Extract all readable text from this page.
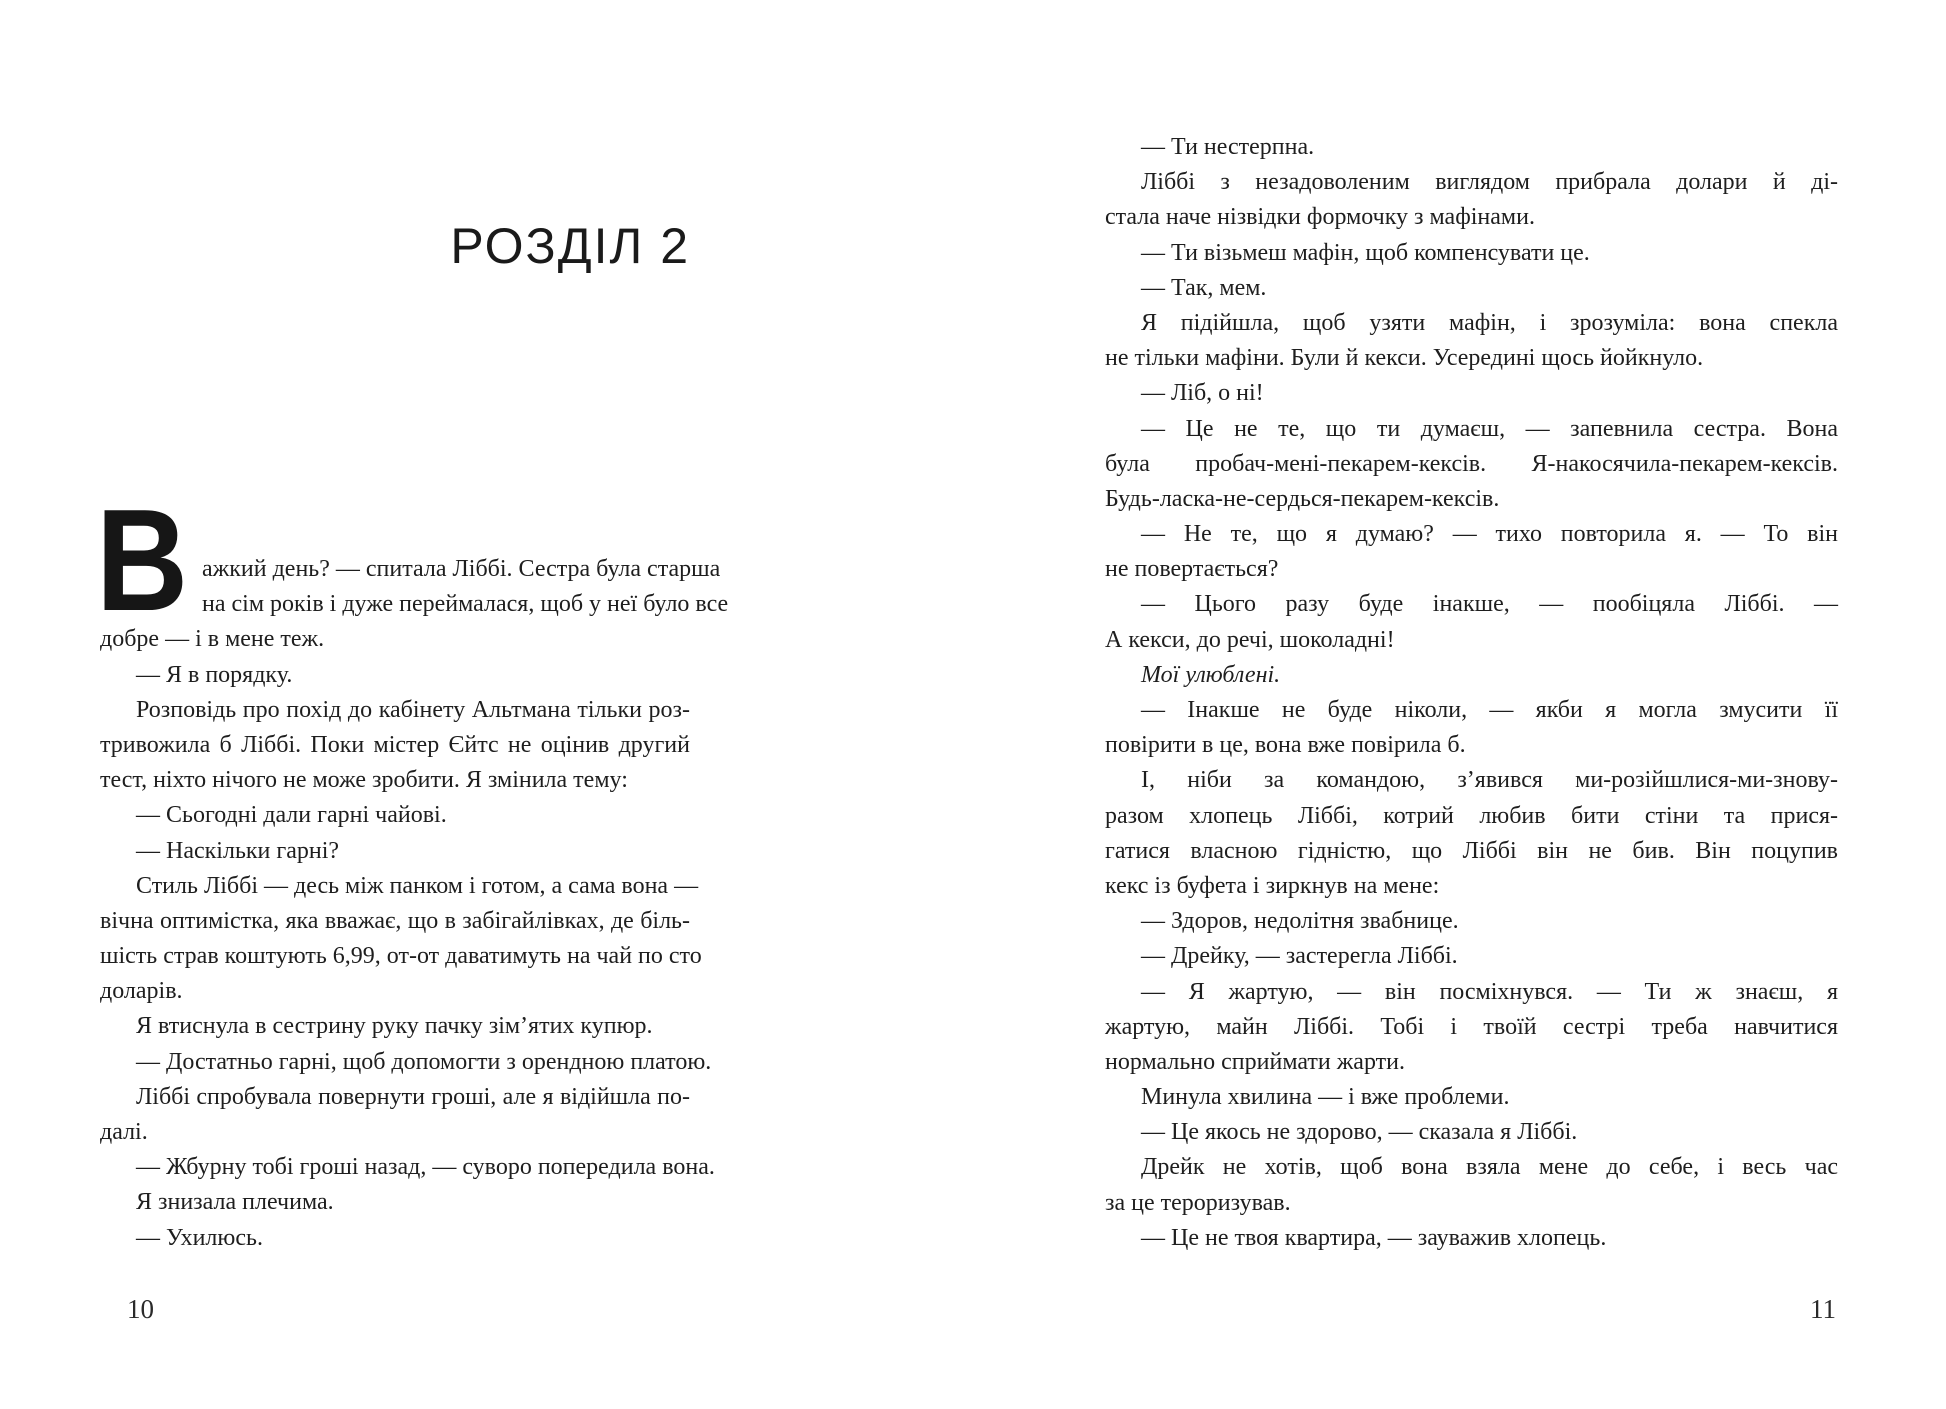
РОЗДІЛ 2
В ажкий день? — спитала Ліббі. Сестра була старша
на сім років і дуже переймалася, щоб у неї було все
добре — і в мене теж.
— Я в порядку.
Розповідь про похід до кабінету Альтмана тільки роз-
тривожила б Ліббі. Поки містер Єйтс не оцінив другий
тест, ніхто нічого не може зробити. Я змінила тему:
— Сьогодні дали гарні чайові.
— Наскільки гарні?
Стиль Ліббі — десь між панком і готом, а сама вона —
вічна оптимістка, яка вважає, що в забігайлівках, де біль-
шість страв коштують 6,99, от-от даватимуть на чай по сто
доларів.
Я втиснула в сестрину руку пачку зім’ятих купюр.
— Достатньо гарні, щоб допомогти з орендною платою.
Ліббі спробувала повернути гроші, але я відійшла по-
далі.
— Жбурну тобі гроші назад, — суворо попередила вона.
Я знизала плечима.
— Ухилюсь.
10
— Ти нестерпна.
Ліббі з незадоволеним виглядом прибрала долари й ді-
стала наче нізвідки формочку з мафінами.
— Ти візьмеш мафін, щоб компенсувати це.
— Так, мем.
Я підійшла, щоб узяти мафін, і зрозуміла: вона спекла
не тільки мафіни. Були й кекси. Усередині щось йойкнуло.
— Ліб, о ні!
— Це не те, що ти думаєш, — запевнила сестра. Вона
була пробач-мені-пекарем-кексів. Я-накосячила-пекарем-кексів.
Будь-ласка-не-сердься-пекарем-кексів.
— Не те, що я думаю? — тихо повторила я. — То він
не повертається?
— Цього разу буде інакше, — пообіцяла Ліббі. —
А кекси, до речі, шоколадні!
Мої улюблені.
— Інакше не буде ніколи, — якби я могла змусити її
повірити в це, вона вже повірила б.
І, ніби за командою, з’явився ми-розійшлися-ми-знову-
разом хлопець Ліббі, котрий любив бити стіни та прися-
гатися власною гідністю, що Ліббі він не бив. Він поцупив
кекс із буфета і зиркнув на мене:
— Здоров, недолітня звабнице.
— Дрейку, — застерегла Ліббі.
— Я жартую, — він посміхнувся. — Ти ж знаєш, я
жартую, майн Ліббі. Тобі і твоїй сестрі треба навчитися
нормально сприймати жарти.
Минула хвилина — і вже проблеми.
— Це якось не здорово, — сказала я Ліббі.
Дрейк не хотів, щоб вона взяла мене до себе, і весь час
за це тероризував.
— Це не твоя квартира, — зауважив хлопець.
11
